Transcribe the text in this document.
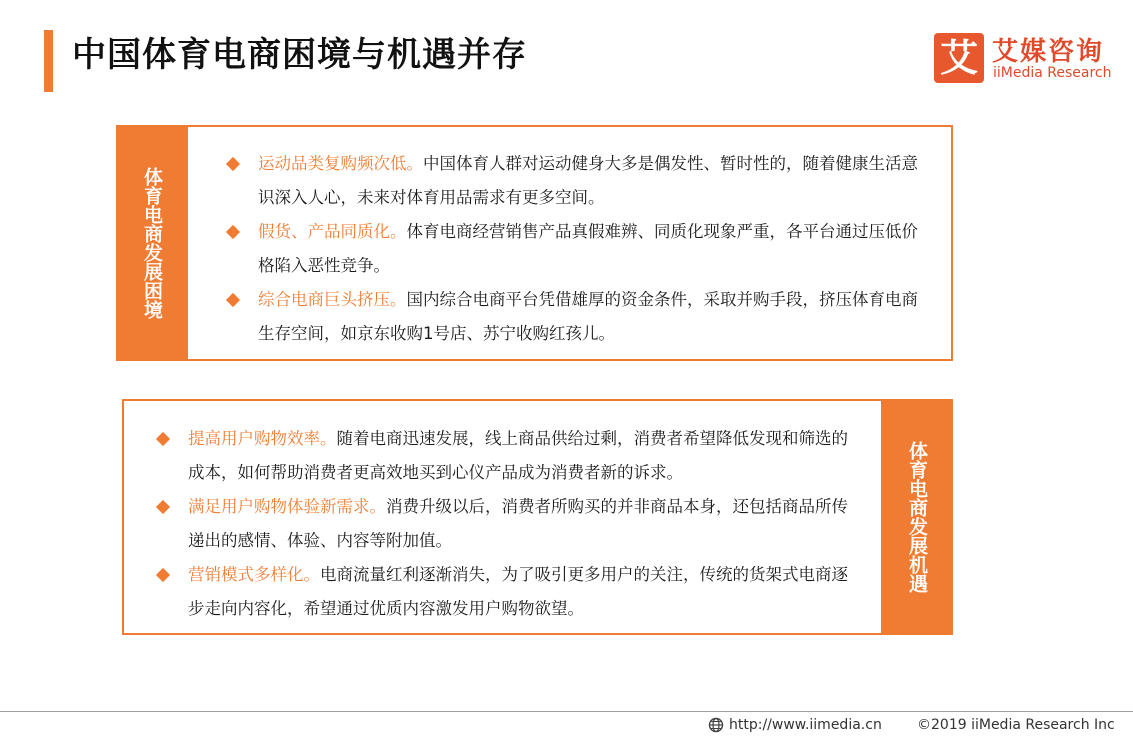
中国体育电商困境与机遇并存	艾 艾媒咨询
iiMedia Research
体育电商发展困境
运动品类复购频次低。中国体育人群对运动健身大多是偶发性、暂时性的，随着健康生活意识深入人心，未来对体育用品需求有更多空间。
假货、产品同质化。体育电商经营销售产品真假难辨、同质化现象严重，各平台通过压低价格陷入恶性竞争。
综合电商巨头挤压。国内综合电商平台凭借雄厚的资金条件，采取并购手段，挤压体育电商生存空间，如京东收购1号店、苏宁收购红孩儿。
提高用户购物效率。随着电商迅速发展，线上商品供给过剩，消费者希望降低发现和筛选的成本，如何帮助消费者更高效地买到心仪产品成为消费者新的诉求。
满足用户购物体验新需求。消费升级以后，消费者所购买的并非商品本身，还包括商品所传递出的感情、体验、内容等附加值。
营销模式多样化。电商流量红利逐渐消失，为了吸引更多用户的关注，传统的货架式电商逐步走向内容化，希望通过优质内容激发用户购物欲望。
体育电商发展机遇
http://www.iimedia.cn	©2019 iiMedia Research Inc
